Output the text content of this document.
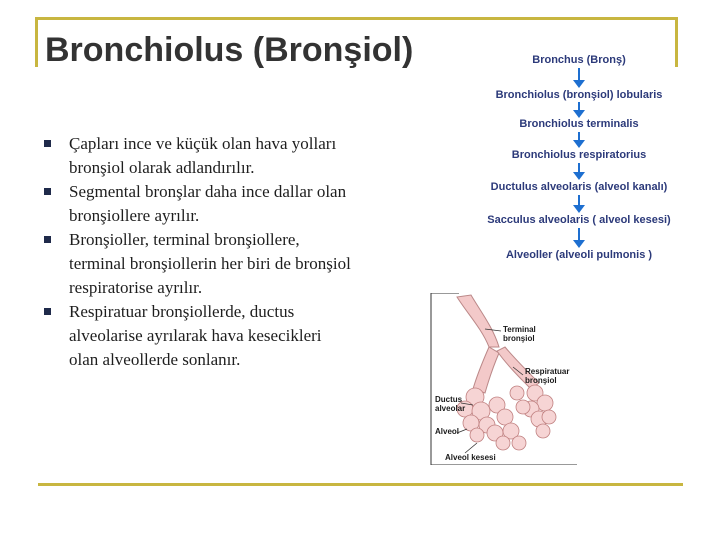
Bronchiolus (Bronşiol)
Çapları ince ve küçük olan hava yolları bronşiol olarak adlandırılır.
Segmental bronşlar daha ince dallar olan bronşiollere ayrılır.
Bronşioller, terminal bronşiollere, terminal bronşiollerin her biri de bronşiol respiratorise ayrılır.
Respiratuar bronşiollerde, ductus alveolarise ayrılarak hava kesecikleri olan alveollerde sonlanır.
Bronchus (Bronş)
Bronchiolus (bronşiol) lobularis
Bronchiolus terminalis
Bronchiolus respiratorius
Ductulus alveolaris (alveol kanalı)
Sacculus alveolaris ( alveol kesesi)
Alveoller (alveoli pulmonis )
Terminal
bronşiol
Respiratuar
bronşiol
Ductus
alveolar
Alveol
Alveol kesesi
